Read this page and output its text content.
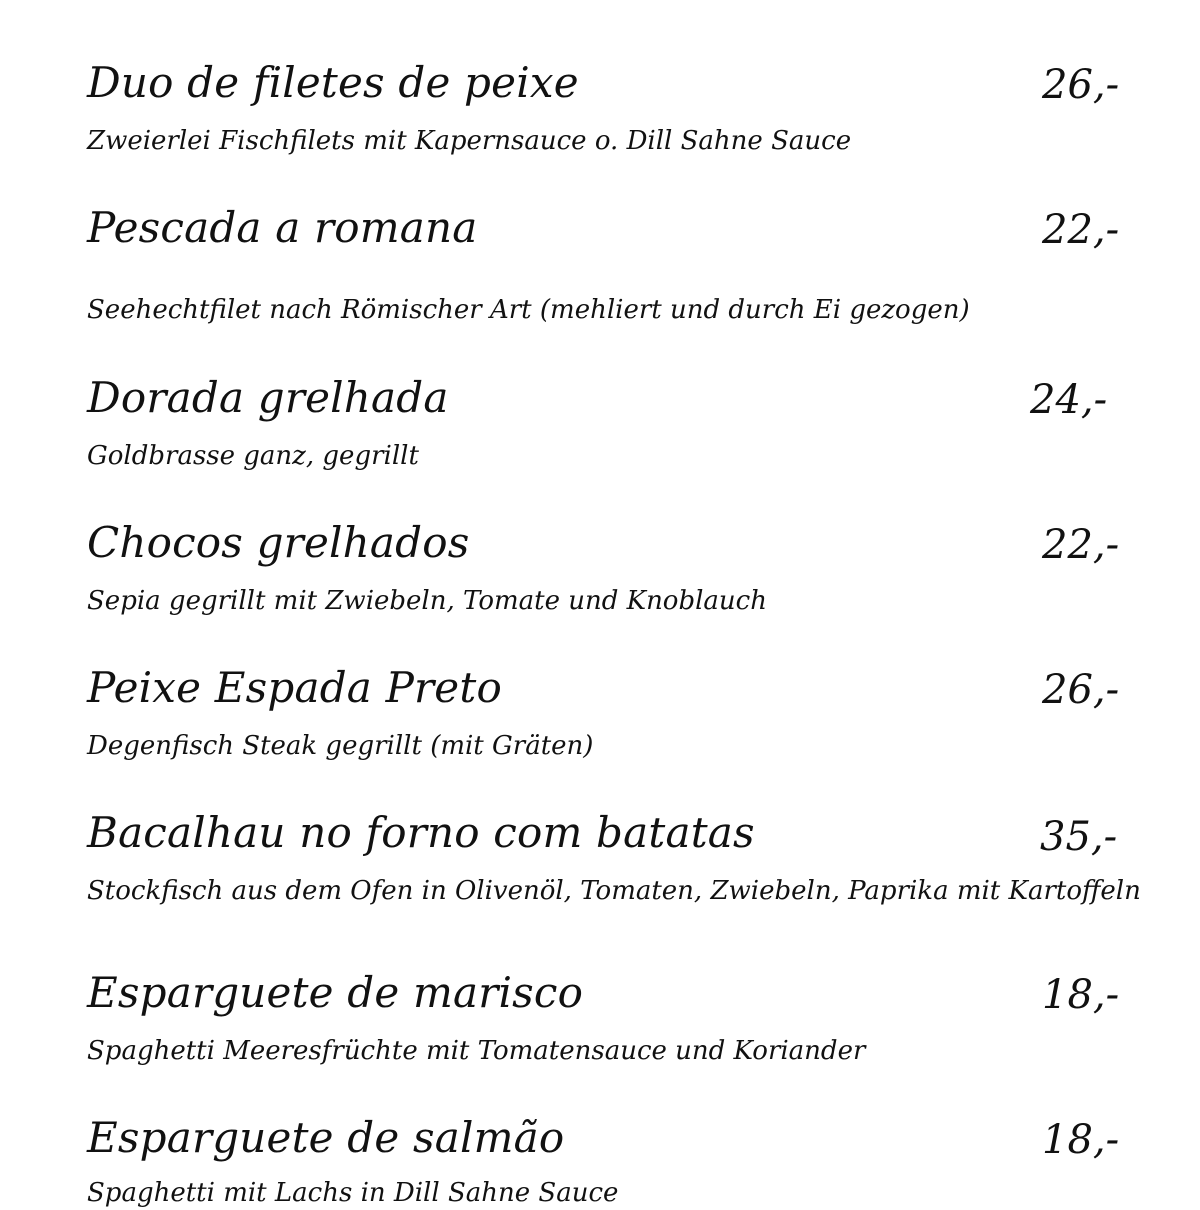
Duo de filetes de peixe	26,-
Zweierlei Fischfilets mit Kapernsauce o. Dill Sahne Sauce
Pescada a romana	22,-
Seehechtfilet nach Römischer Art (mehliert und durch Ei gezogen)
Dorada grelhada	24,-
Goldbrasse ganz, gegrillt
Chocos grelhados	22,-
Sepia gegrillt mit Zwiebeln, Tomate und Knoblauch
Peixe Espada Preto	26,-
Degenfisch Steak gegrillt (mit Gräten)
Bacalhau no forno com batatas	35,-
Stockfisch aus dem Ofen in Olivenöl, Tomaten, Zwiebeln, Paprika mit Kartoffeln
Esparguete de marisco	18,-
Spaghetti Meeresfrüchte mit Tomatensauce und Koriander
Esparguete de salmão	18,-
Spaghetti mit Lachs in Dill Sahne Sauce
